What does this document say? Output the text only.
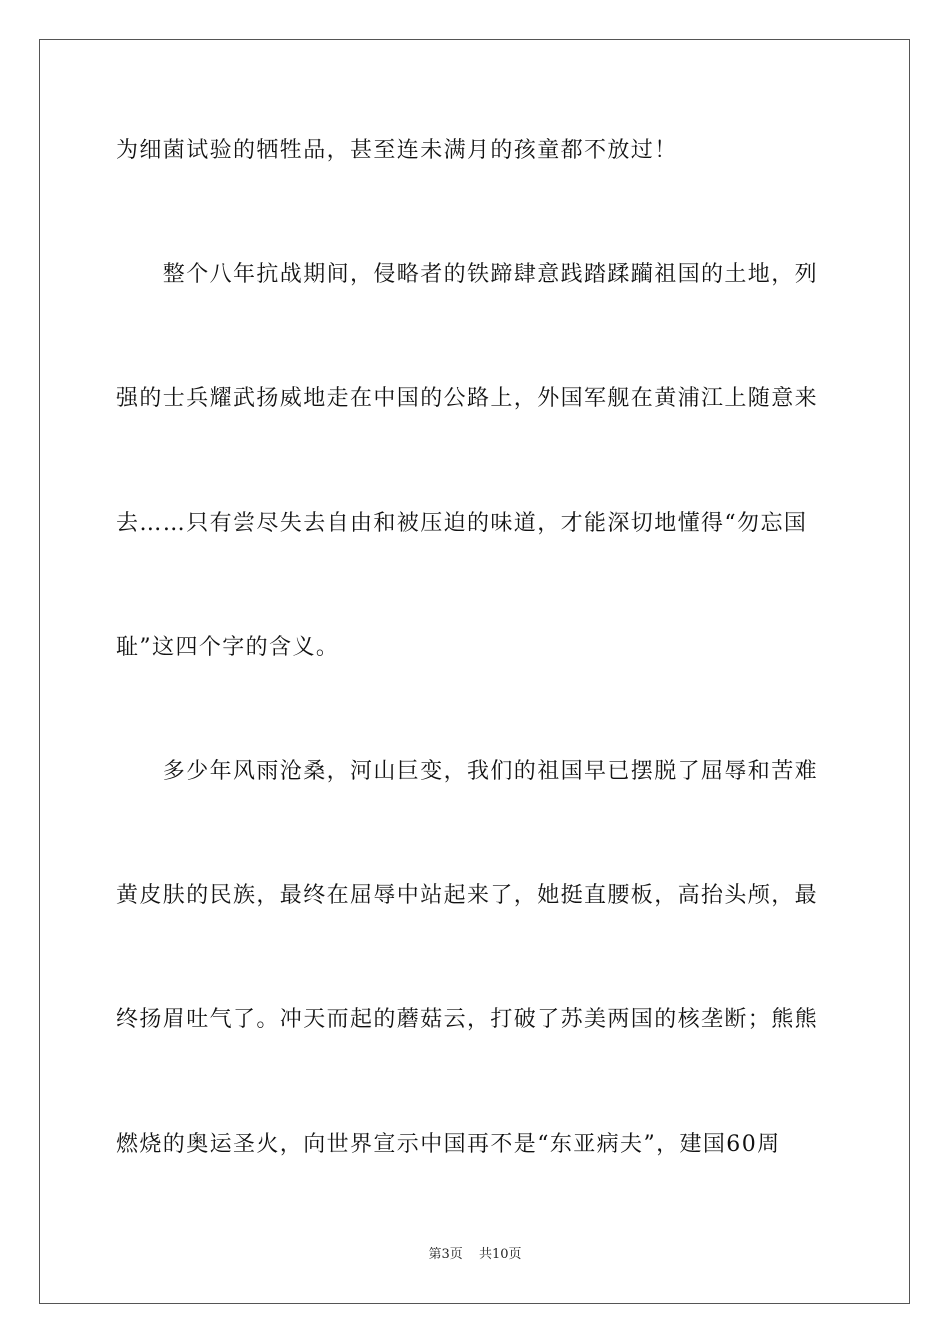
为细菌试验的牺牲品，甚至连未满月的孩童都不放过！
　　整个八年抗战期间，侵略者的铁蹄肆意践踏蹂躏祖国的土地，列
强的士兵耀武扬威地走在中国的公路上，外国军舰在黄浦江上随意来
去……只有尝尽失去自由和被压迫的味道，才能深切地懂得“勿忘国
耻”这四个字的含义。
　　多少年风雨沧桑，河山巨变，我们的祖国早已摆脱了屈辱和苦难
黄皮肤的民族，最终在屈辱中站起来了，她挺直腰板，高抬头颅，最
终扬眉吐气了。冲天而起的蘑菇云，打破了苏美两国的核垄断；熊熊
燃烧的奥运圣火，向世界宣示中国再不是“东亚病夫”，建国60周
第3页 共10页
